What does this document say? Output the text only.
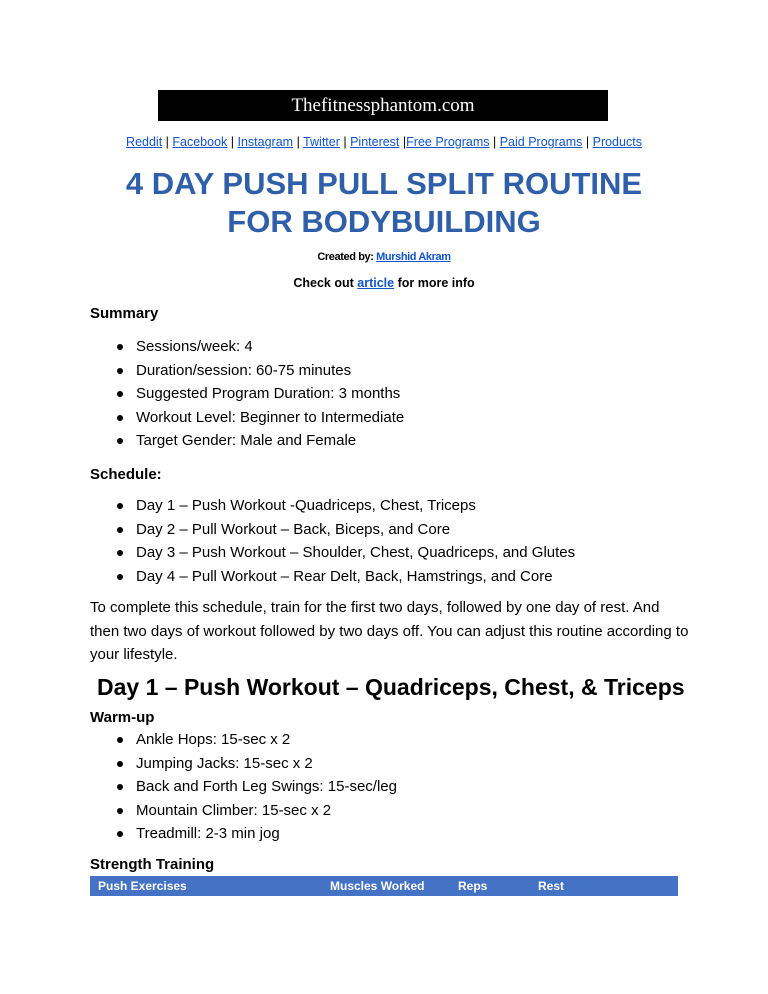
Thefitnessphantom.com
Reddit | Facebook | Instagram | Twitter | Pinterest |Free Programs | Paid Programs | Products
4 DAY PUSH PULL SPLIT ROUTINE FOR BODYBUILDING
Created by: Murshid Akram
Check out article for more info
Summary
Sessions/week: 4
Duration/session: 60-75 minutes
Suggested Program Duration: 3 months
Workout Level: Beginner to Intermediate
Target Gender: Male and Female
Schedule:
Day 1 – Push Workout -Quadriceps, Chest, Triceps
Day 2 – Pull Workout – Back, Biceps, and Core
Day 3 – Push Workout – Shoulder, Chest, Quadriceps, and Glutes
Day 4 – Pull Workout – Rear Delt, Back, Hamstrings, and Core
To complete this schedule, train for the first two days, followed by one day of rest. And then two days of workout followed by two days off. You can adjust this routine according to your lifestyle.
Day 1 – Push Workout – Quadriceps, Chest, & Triceps
Warm-up
Ankle Hops: 15-sec x 2
Jumping Jacks: 15-sec x 2
Back and Forth Leg Swings: 15-sec/leg
Mountain Climber: 15-sec x 2
Treadmill: 2-3 min jog
Strength Training
Push Exercises	Muscles Worked	Reps	Rest
